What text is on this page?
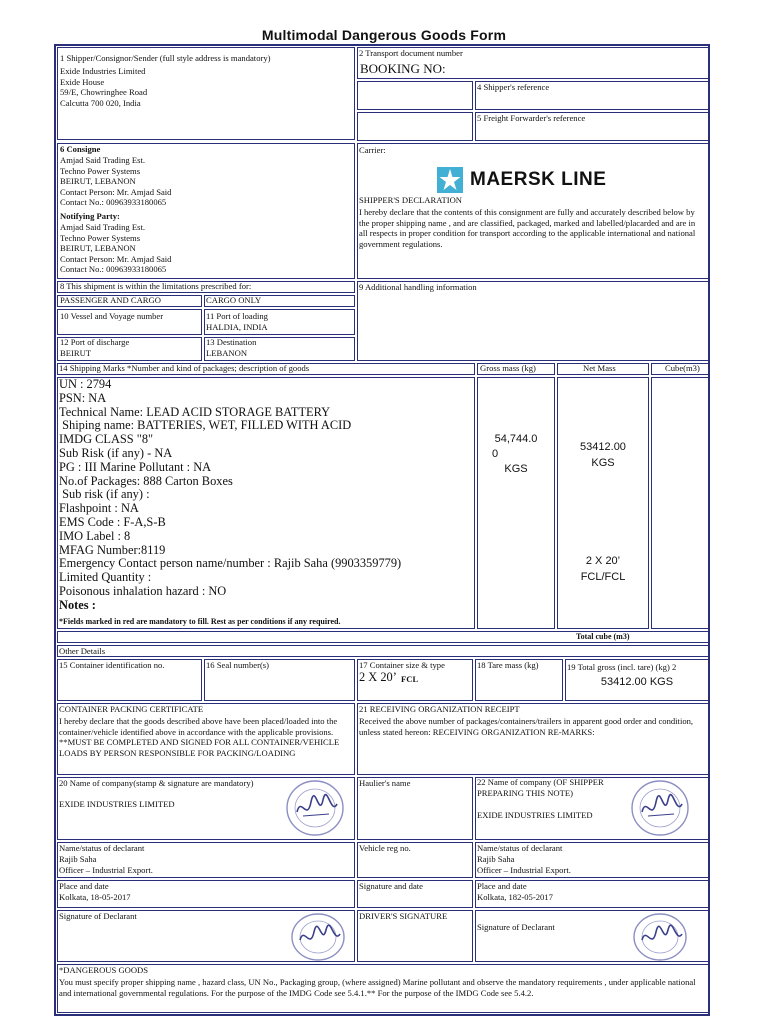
Multimodal Dangerous Goods Form
1 Shipper/Consignor/Sender (full style address is mandatory)
Exide Industries Limited
Exide House
59/E, Chowringhee Road
Calcutta 700 020, India
2 Transport document number
BOOKING NO:
4 Shipper's reference
5 Freight Forwarder's reference
6 Consigne
Amjad Said Trading Est.
Techno Power Systems
BEIRUT, LEBANON
Contact Person: Mr. Amjad Said
Contact No.: 00963933180065
Notifying Party:
Amjad Said Trading Est.
Techno Power Systems
BEIRUT, LEBANON
Contact Person: Mr. Amjad Said
Contact No.: 00963933180065
Carrier:
MAERSK LINE
SHIPPER'S DECLARATION
I hereby declare that the contents of this consignment are fully and accurately described below by the proper shipping name , and are classified, packaged, marked and labelled/placarded and are in all respects in proper condition for transport according to the applicable international and national government regulations.
8 This shipment is within the limitations prescribed for:
PASSENGER AND CARGO	CARGO ONLY
10 Vessel and Voyage number	11 Port of loading
HALDIA, INDIA
12 Port of discharge
BEIRUT
13 Destination
LEBANON
9 Additional handling information
14 Shipping Marks *Number and kind of packages; description of goods	Gross mass (kg)	Net Mass	Cube(m3)
UN : 2794
PSN: NA
Technical Name: LEAD ACID STORAGE BATTERY
Shiping name: BATTERIES, WET, FILLED WITH ACID
IMDG CLASS "8"
Sub Risk (if any) - NA
PG : III Marine Pollutant : NA
No.of Packages: 888 Carton Boxes
Sub risk (if any) :
Flashpoint : NA
EMS Code : F-A,S-B
IMO Label : 8
MFAG Number:8119
Emergency Contact person name/number : Rajib Saha (9903359779)
Limited Quantity :
Poisonous inhalation hazard : NO
Notes :
*Fields marked in red are mandatory to fill. Rest as per conditions if any required.
54,744.0
0
KGS
53412.00
KGS
2 X 20’
FCL/FCL
Total cube (m3)
Other Details
15 Container identification no.	16 Seal number(s)	17 Container size & type
2 X 20’ FCL
18 Tare mass (kg)	19 Total gross (incl. tare) (kg) 2
53412.00 KGS
CONTAINER PACKING CERTIFICATE
I hereby declare that the goods described above have been placed/loaded into the container/vehicle identified above in accordance with the applicable provisions. **MUST BE COMPLETED AND SIGNED FOR ALL CONTAINER/VEHICLE LOADS BY PERSON RESPONSIBLE FOR PACKING/LOADING
21 RECEIVING ORGANIZATION RECEIPT
Received the above number of packages/containers/trailers in apparent good order and condition, unless stated hereon: RECEIVING ORGANIZATION RE-MARKS:
20 Name of company(stamp & signature are mandatory)
EXIDE INDUSTRIES LIMITED
Haulier's name	22 Name of company (OF SHIPPER PREPARING THIS NOTE)
EXIDE INDUSTRIES LIMITED
Name/status of declarant
Rajib Saha
Officer – Industrial Export.
Vehicle reg no.	Name/status of declarant
Rajib Saha
Officer – Industrial Export.
Place and date
Kolkata, 18-05-2017
Signature and date	Place and date
Kolkata, 182-05-2017
Signature of Declarant	DRIVER'S SIGNATURE
Signature of Declarant
*DANGEROUS GOODS
You must specify proper shipping name , hazard class, UN No., Packaging group, (where assigned) Marine pollutant and observe the mandatory requirements , under applicable national and international governmental regulations. For the purpose of the IMDG Code see 5.4.1.** For the purpose of the IMDG Code see 5.4.2.
